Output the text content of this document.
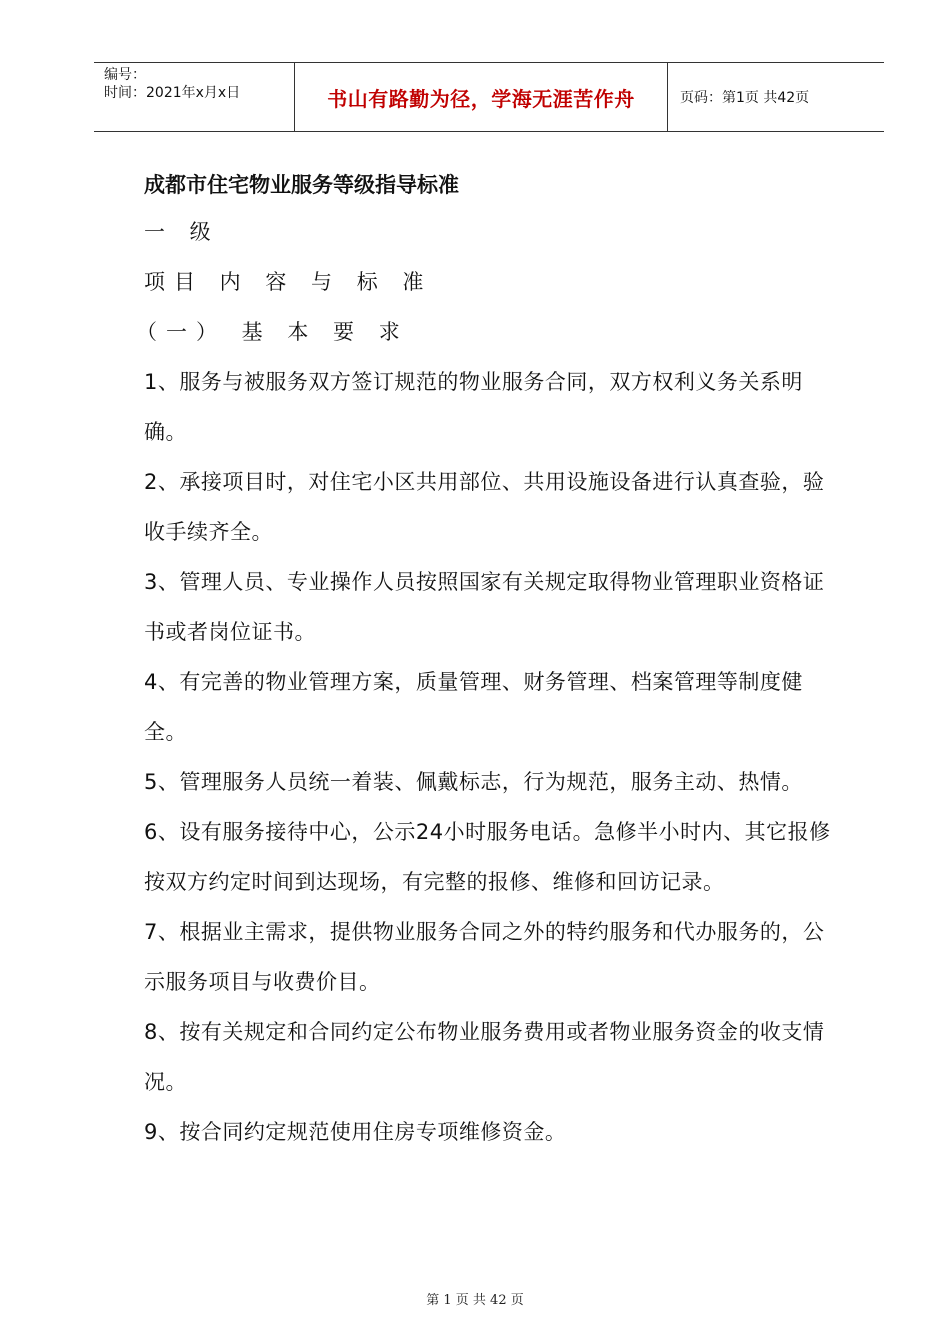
编号：
时间：2021年x月x日	书山有路勤为径，学海无涯苦作舟	页码：第1页 共42页

成都市住宅物业服务等级指导标准

一 级

项目 内 容 与 标 准

（一） 基 本 要 求

1、服务与被服务双方签订规范的物业服务合同，双方权利义务关系明确。

2、承接项目时，对住宅小区共用部位、共用设施设备进行认真查验，验收手续齐全。

3、管理人员、专业操作人员按照国家有关规定取得物业管理职业资格证书或者岗位证书。

4、有完善的物业管理方案，质量管理、财务管理、档案管理等制度健全。

5、管理服务人员统一着装、佩戴标志，行为规范，服务主动、热情。

6、设有服务接待中心，公示24小时服务电话。急修半小时内、其它报修按双方约定时间到达现场，有完整的报修、维修和回访记录。

7、根据业主需求，提供物业服务合同之外的特约服务和代办服务的，公示服务项目与收费价目。

8、按有关规定和合同约定公布物业服务费用或者物业服务资金的收支情况。

9、按合同约定规范使用住房专项维修资金。

第 1 页 共 42 页
